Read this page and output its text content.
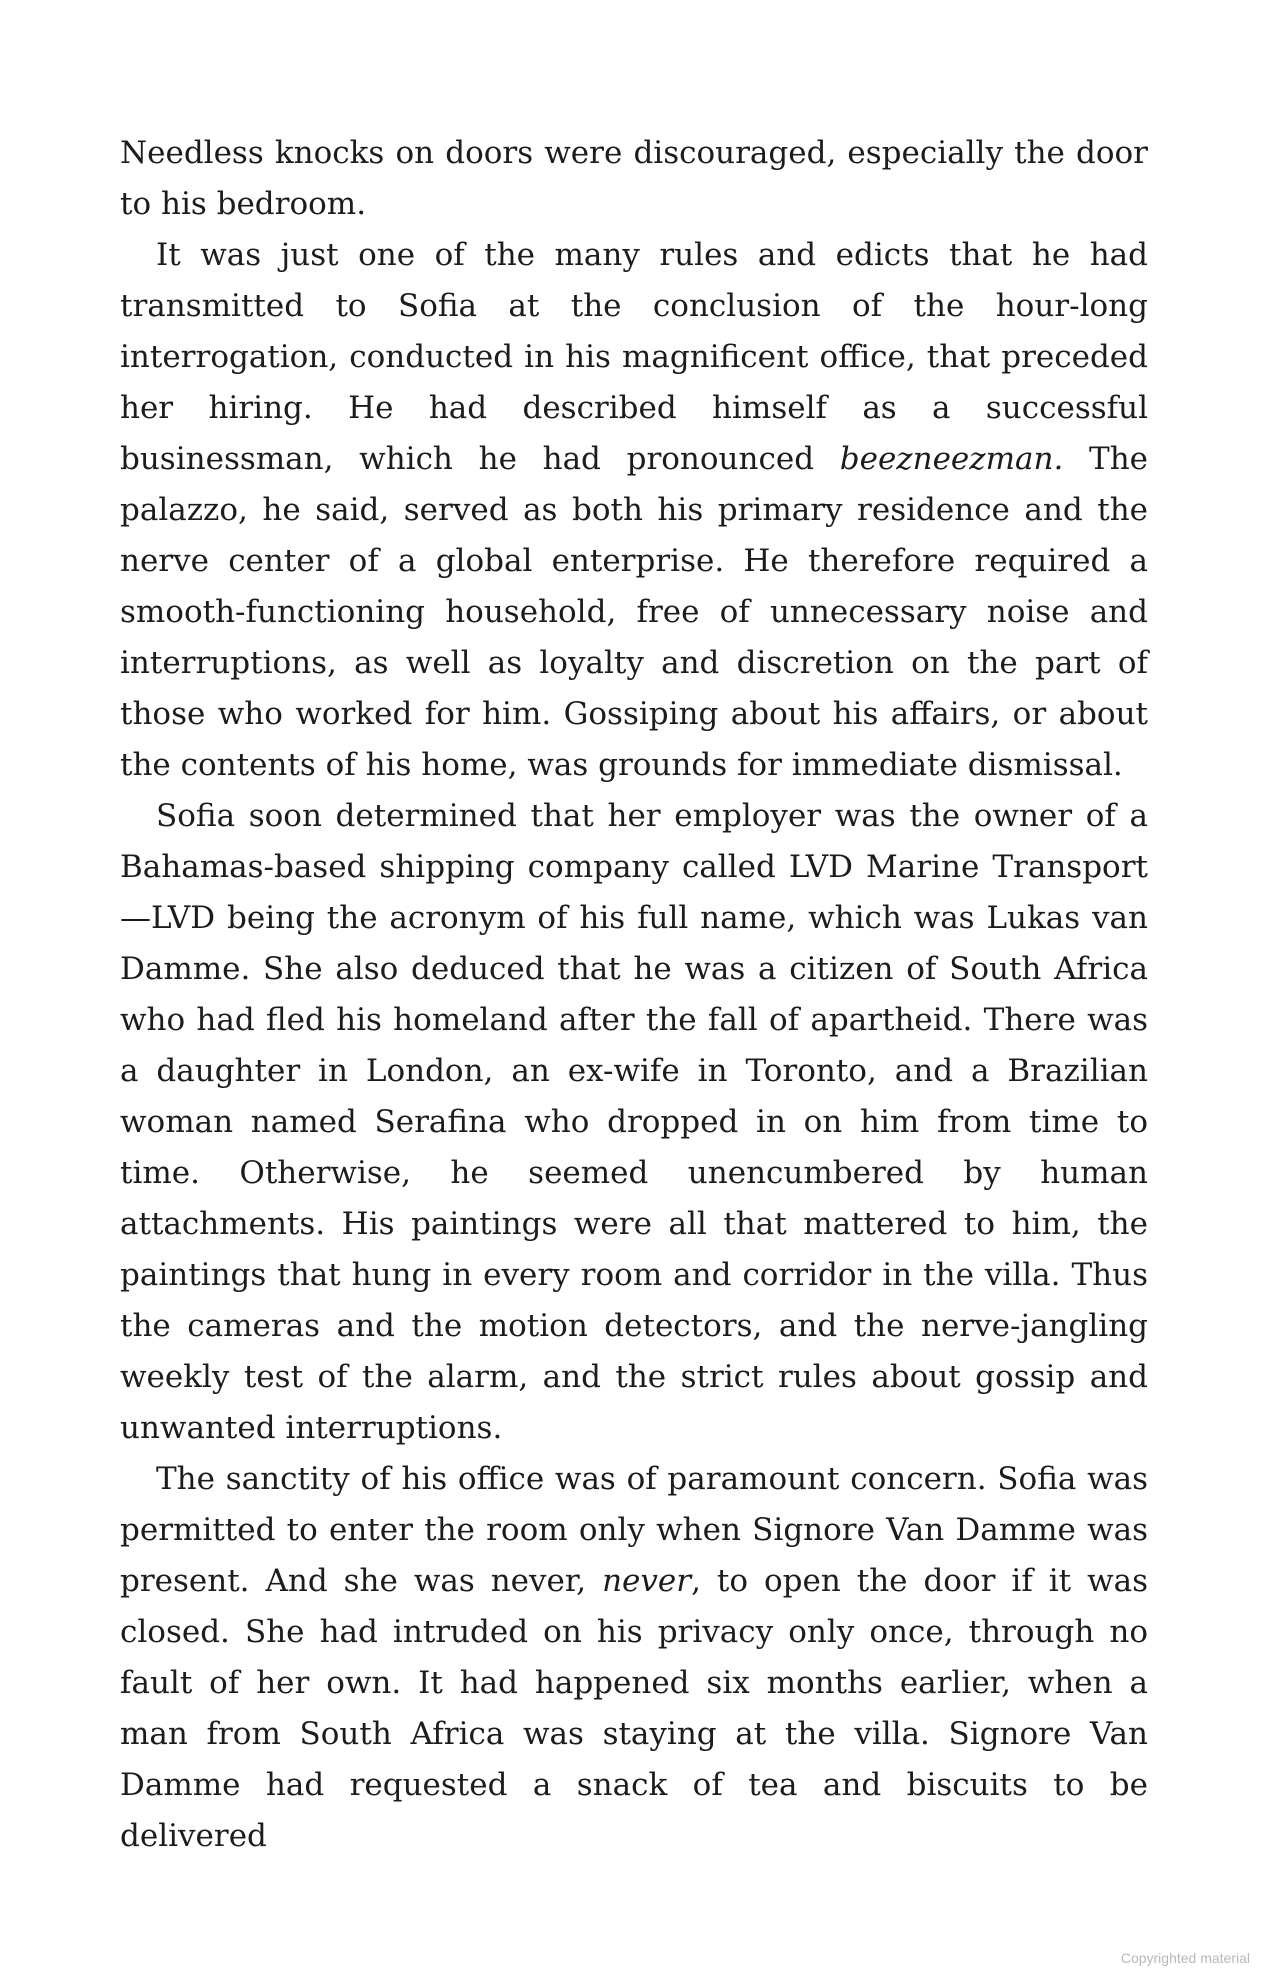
Needless knocks on doors were discouraged, especially the door to his bedroom.

It was just one of the many rules and edicts that he had transmitted to Sofia at the conclusion of the hour-long interrogation, conducted in his magnificent office, that preceded her hiring. He had described himself as a successful businessman, which he had pronounced beezneezman. The palazzo, he said, served as both his primary residence and the nerve center of a global enterprise. He therefore required a smooth-functioning household, free of unnecessary noise and interruptions, as well as loyalty and discretion on the part of those who worked for him. Gossiping about his affairs, or about the contents of his home, was grounds for immediate dismissal.

Sofia soon determined that her employer was the owner of a Bahamas-based shipping company called LVD Marine Transport —LVD being the acronym of his full name, which was Lukas van Damme. She also deduced that he was a citizen of South Africa who had fled his homeland after the fall of apartheid. There was a daughter in London, an ex-wife in Toronto, and a Brazilian woman named Serafina who dropped in on him from time to time. Otherwise, he seemed unencumbered by human attachments. His paintings were all that mattered to him, the paintings that hung in every room and corridor in the villa. Thus the cameras and the motion detectors, and the nerve-jangling weekly test of the alarm, and the strict rules about gossip and unwanted interruptions.

The sanctity of his office was of paramount concern. Sofia was permitted to enter the room only when Signore Van Damme was present. And she was never, never, to open the door if it was closed. She had intruded on his privacy only once, through no fault of her own. It had happened six months earlier, when a man from South Africa was staying at the villa. Signore Van Damme had requested a snack of tea and biscuits to be delivered

Copyrighted material
